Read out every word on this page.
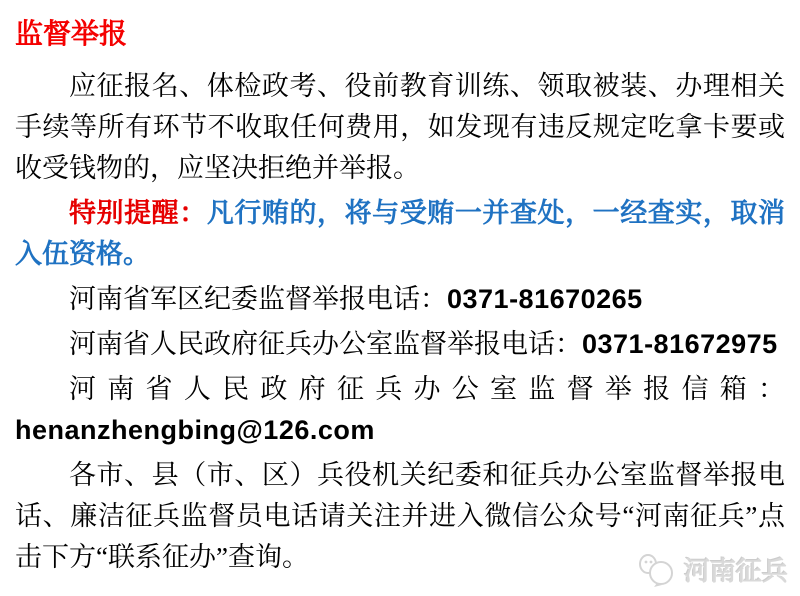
监督举报

应征报名、体检政考、役前教育训练、领取被装、办理相关手续等所有环节不收取任何费用，如发现有违反规定吃拿卡要或收受钱物的，应坚决拒绝并举报。

特别提醒：凡行贿的，将与受贿一并查处，一经查实，取消入伍资格。

河南省军区纪委监督举报电话：0371-81670265

河南省人民政府征兵办公室监督举报电话：0371-81672975

河南省人民政府征兵办公室监督举报信箱：henanzhengbing@126.com

各市、县（市、区）兵役机关纪委和征兵办公室监督举报电话、廉洁征兵监督员电话请关注并进入微信公众号“河南征兵”点击下方“联系征办”查询。	河南征兵
